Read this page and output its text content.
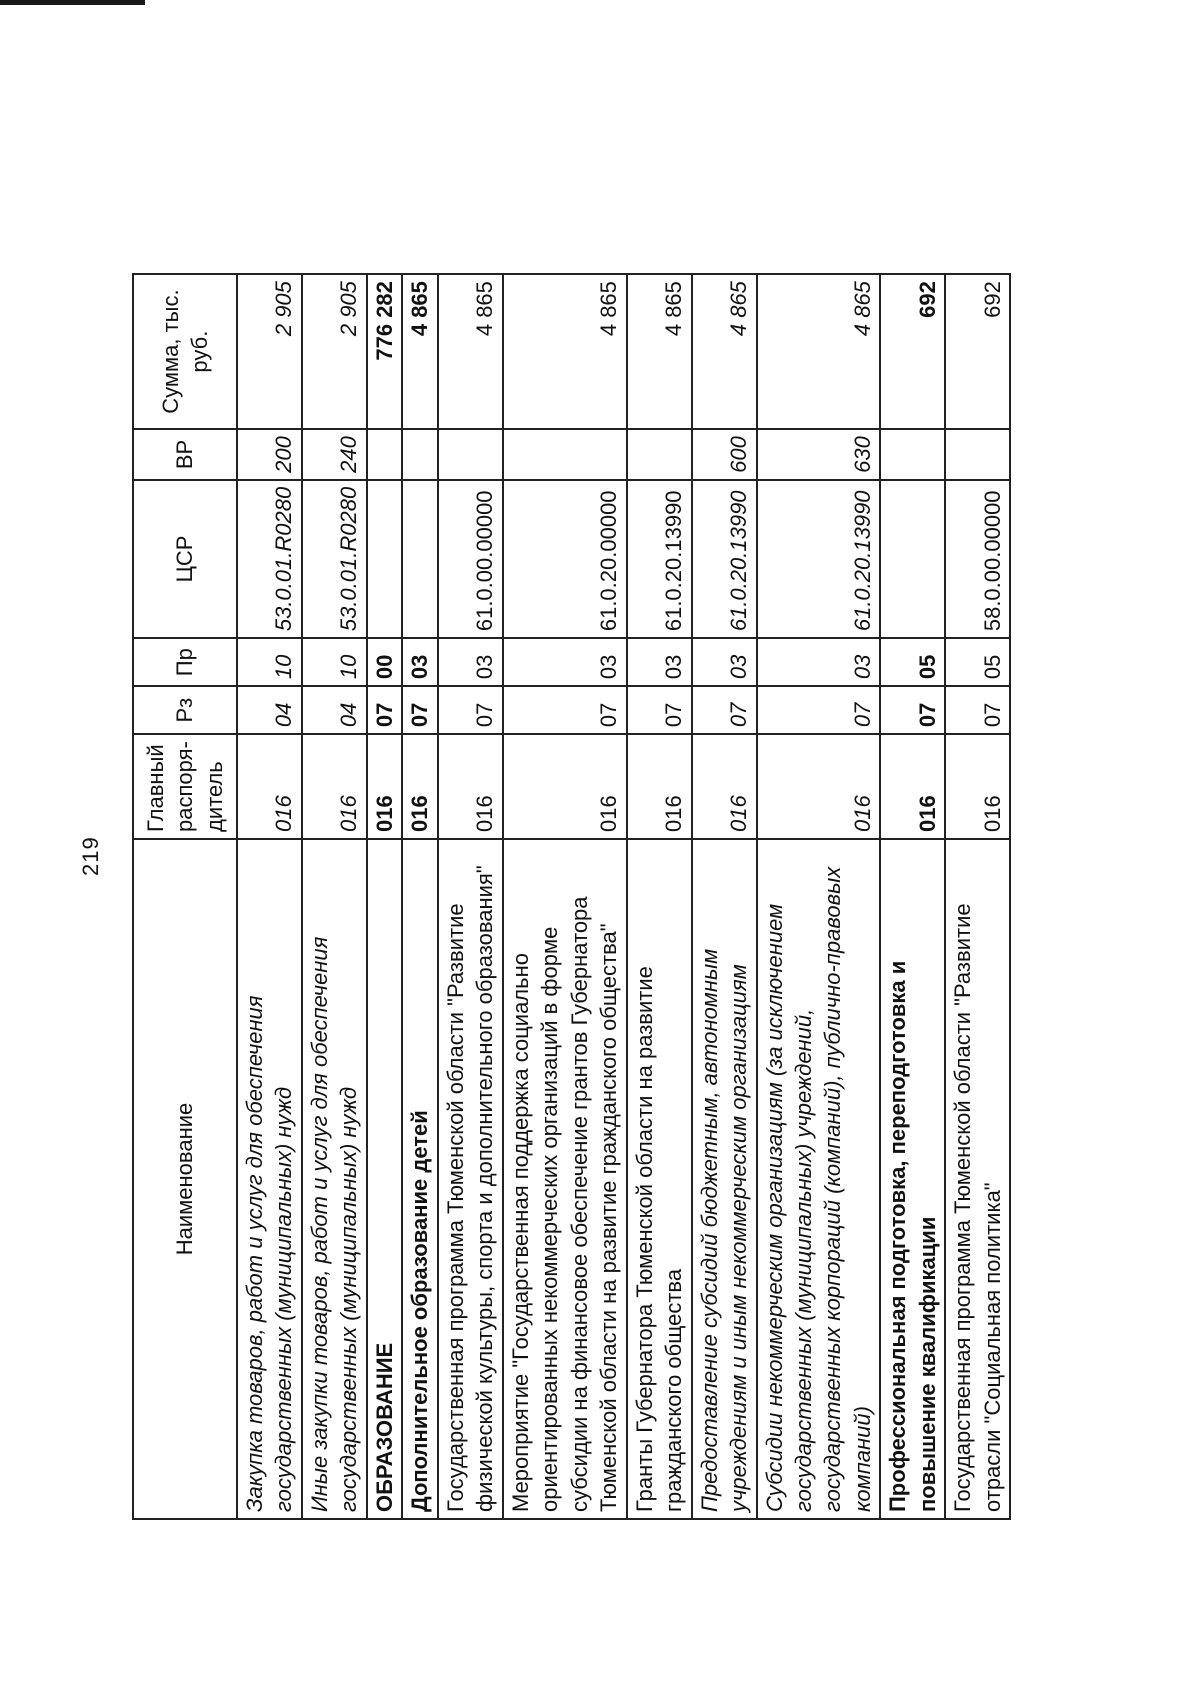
219
Наименование	Главный распоря-дитель	Рз	Пр	ЦСР	ВР	Сумма, тыс. руб.
Закупка товаров, работ и услуг для обеспечения государственных (муниципальных) нужд	016	04	10	53.0.01.R0280	200	2 905
Иные закупки товаров, работ и услуг для обеспечения государственных (муниципальных) нужд	016	04	10	53.0.01.R0280	240	2 905
ОБРАЗОВАНИЕ	016	07	00			776 282
Дополнительное образование детей	016	07	03			4 865
Государственная программа Тюменской области "Развитие физической культуры, спорта и дополнительного образования"	016	07	03	61.0.00.00000		4 865
Мероприятие "Государственная поддержка социально ориентированных некоммерческих организаций в форме субсидии на финансовое обеспечение грантов Губернатора Тюменской области на развитие гражданского общества"	016	07	03	61.0.20.00000		4 865
Гранты Губернатора Тюменской области на развитие гражданского общества	016	07	03	61.0.20.13990		4 865
Предоставление субсидий бюджетным, автономным учреждениям и иным некоммерческим организациям	016	07	03	61.0.20.13990	600	4 865
Субсидии некоммерческим организациям (за исключением государственных (муниципальных) учреждений, государственных корпораций (компаний), публично-правовых компаний)	016	07	03	61.0.20.13990	630	4 865
Профессиональная подготовка, переподготовка и повышение квалификации	016	07	05			692
Государственная программа Тюменской области "Развитие отрасли "Социальная политика"	016	07	05	58.0.00.00000		692
